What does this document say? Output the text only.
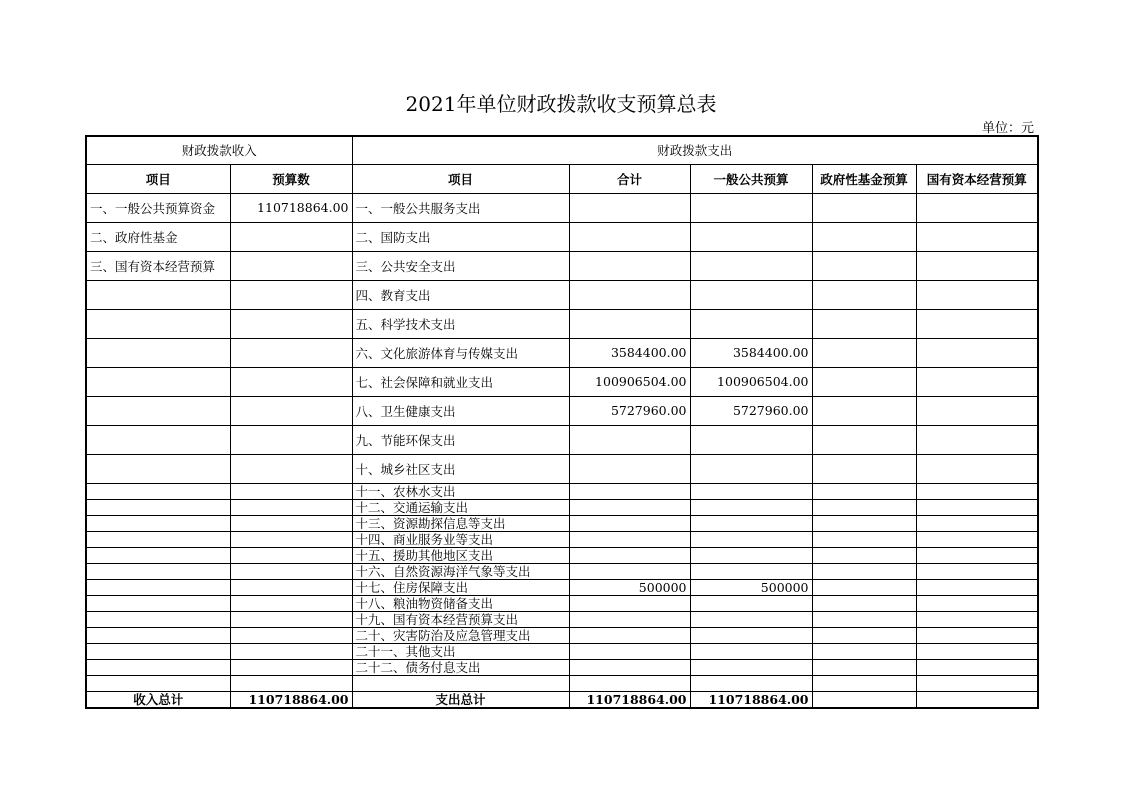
2021年单位财政拨款收支预算总表
单位：元
财政拨款收入		财政拨款支出				
项目	预算数	项目	合计	一般公共预算	政府性基金预算	国有资本经营预算
一、一般公共预算资金	110718864.00	一、一般公共服务支出				
二、政府性基金		二、国防支出				
三、国有资本经营预算		三、公共安全支出				
		四、教育支出				
		五、科学技术支出				
		六、文化旅游体育与传媒支出	3584400.00	3584400.00		
		七、社会保障和就业支出	100906504.00	100906504.00		
		八、卫生健康支出	5727960.00	5727960.00		
		九、节能环保支出				
		十、城乡社区支出				
		十一、农林水支出				
		十二、交通运输支出				
		十三、资源勘探信息等支出				
		十四、商业服务业等支出				
		十五、援助其他地区支出				
		十六、自然资源海洋气象等支出				
		十七、住房保障支出	500000	500000		
		十八、粮油物资储备支出				
		十九、国有资本经营预算支出				
		二十、灾害防治及应急管理支出				
		二十一、其他支出				
		二十二、债务付息支出				

收入总计	110718864.00	支出总计	110718864.00	110718864.00		
